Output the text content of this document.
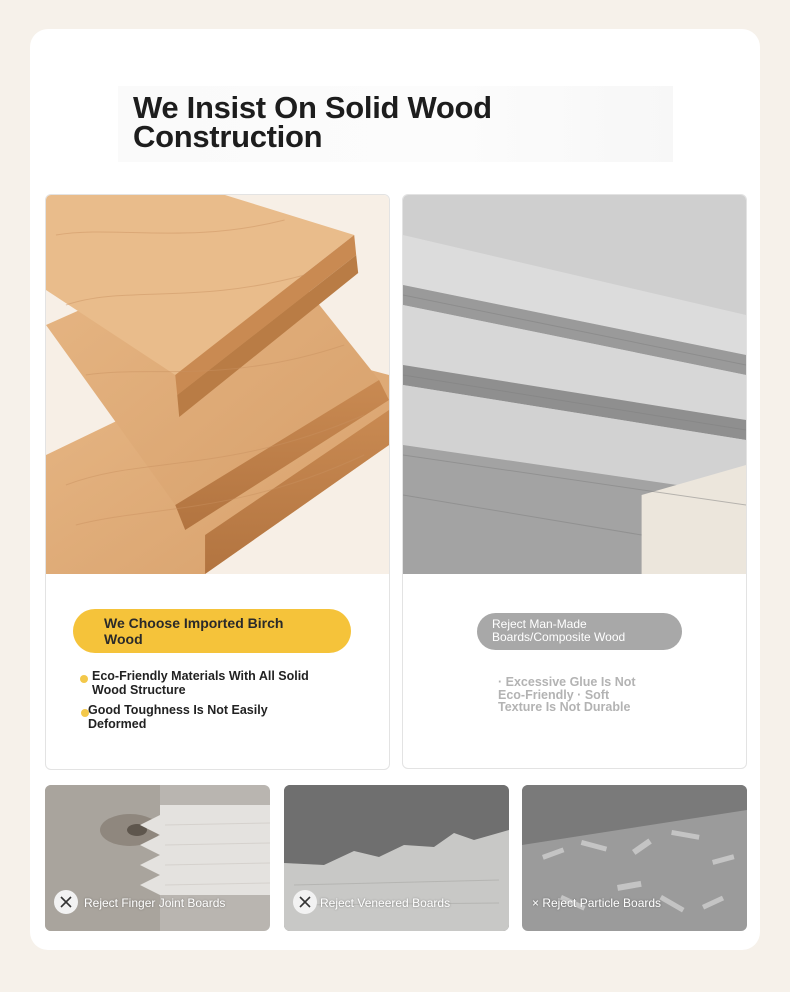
We Insist On Solid Wood Construction
We Choose Imported Birch Wood
Eco-Friendly Materials With All Solid Wood Structure
Good Toughness Is Not Easily Deformed
Reject Man-Made Boards/Composite Wood
· Excessive Glue Is Not Eco-Friendly · Soft Texture Is Not Durable
Reject Finger Joint Boards	Reject Veneered Boards	× Reject Particle Boards
